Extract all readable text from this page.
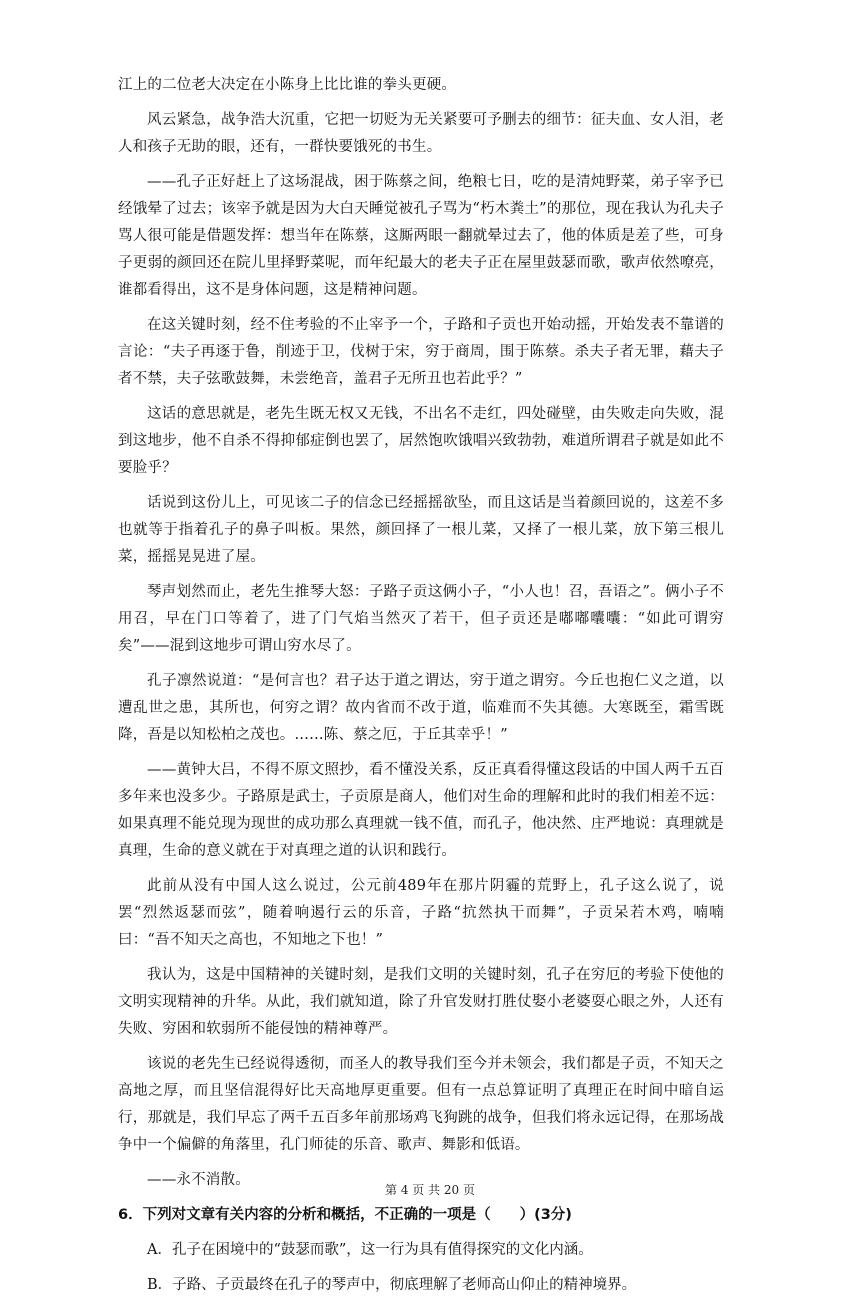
江上的二位老大决定在小陈身上比比谁的拳头更硬。

风云紧急，战争浩大沉重，它把一切贬为无关紧要可予删去的细节：征夫血、女人泪，老人和孩子无助的眼，还有，一群快要饿死的书生。

——孔子正好赶上了这场混战，困于陈蔡之间，绝粮七日，吃的是清炖野菜，弟子宰予已经饿晕了过去；该宰予就是因为大白天睡觉被孔子骂为“朽木粪土”的那位，现在我认为孔夫子骂人很可能是借题发挥：想当年在陈蔡，这厮两眼一翻就晕过去了，他的体质是差了些，可身子更弱的颜回还在院儿里择野菜呢，而年纪最大的老夫子正在屋里鼓瑟而歌，歌声依然嘹亮，谁都看得出，这不是身体问题，这是精神问题。

在这关键时刻，经不住考验的不止宰予一个，子路和子贡也开始动摇，开始发表不靠谱的言论：“夫子再逐于鲁，削迹于卫，伐树于宋，穷于商周，围于陈蔡。杀夫子者无罪，藉夫子者不禁，夫子弦歌鼓舞，未尝绝音，盖君子无所丑也若此乎？”

这话的意思就是，老先生既无权又无钱，不出名不走红，四处碰壁，由失败走向失败，混到这地步，他不自杀不得抑郁症倒也罢了，居然饱吹饿唱兴致勃勃，难道所谓君子就是如此不要脸乎？

话说到这份儿上，可见该二子的信念已经摇摇欲坠，而且这话是当着颜回说的，这差不多也就等于指着孔子的鼻子叫板。果然，颜回择了一根儿菜，又择了一根儿菜，放下第三根儿菜，摇摇晃晃进了屋。

琴声划然而止，老先生推琴大怒：子路子贡这俩小子，“小人也！召，吾语之”。俩小子不用召，早在门口等着了，进了门气焰当然灭了若干，但子贡还是嘟嘟囔囔：“如此可谓穷矣”——混到这地步可谓山穷水尽了。

孔子凛然说道：“是何言也？君子达于道之谓达，穷于道之谓穷。今丘也抱仁义之道，以遭乱世之患，其所也，何穷之谓？故内省而不改于道，临难而不失其德。大寒既至，霜雪既降，吾是以知松柏之茂也。……陈、蔡之厄，于丘其幸乎！”

——黄钟大吕，不得不原文照抄，看不懂没关系，反正真看得懂这段话的中国人两千五百多年来也没多少。子路原是武士，子贡原是商人，他们对生命的理解和此时的我们相差不远：如果真理不能兑现为现世的成功那么真理就一钱不值，而孔子，他决然、庄严地说：真理就是真理，生命的意义就在于对真理之道的认识和践行。

此前从没有中国人这么说过，公元前489年在那片阴霾的荒野上，孔子这么说了，说罢“烈然返瑟而弦”，随着响遏行云的乐音，子路“抗然执干而舞”，子贡呆若木鸡，喃喃曰：“吾不知天之高也，不知地之下也！”

我认为，这是中国精神的关键时刻，是我们文明的关键时刻，孔子在穷厄的考验下使他的文明实现精神的升华。从此，我们就知道，除了升官发财打胜仗娶小老婆耍心眼之外，人还有失败、穷困和软弱所不能侵蚀的精神尊严。

该说的老先生已经说得透彻，而圣人的教导我们至今并未领会，我们都是子贡，不知天之高地之厚，而且坚信混得好比天高地厚更重要。但有一点总算证明了真理正在时间中暗自运行，那就是，我们早忘了两千五百多年前那场鸡飞狗跳的战争，但我们将永远记得，在那场战争中一个偏僻的角落里，孔门师徒的乐音、歌声、舞影和低语。

——永不消散。

6．下列对文章有关内容的分析和概括，不正确的一项是（　　）(3分)
A．孔子在困境中的“鼓瑟而歌”，这一行为具有值得探究的文化内涵。
B．子路、子贡最终在孔子的琴声中，彻底理解了老师高山仰止的精神境界。
第 4 页 共 20 页
